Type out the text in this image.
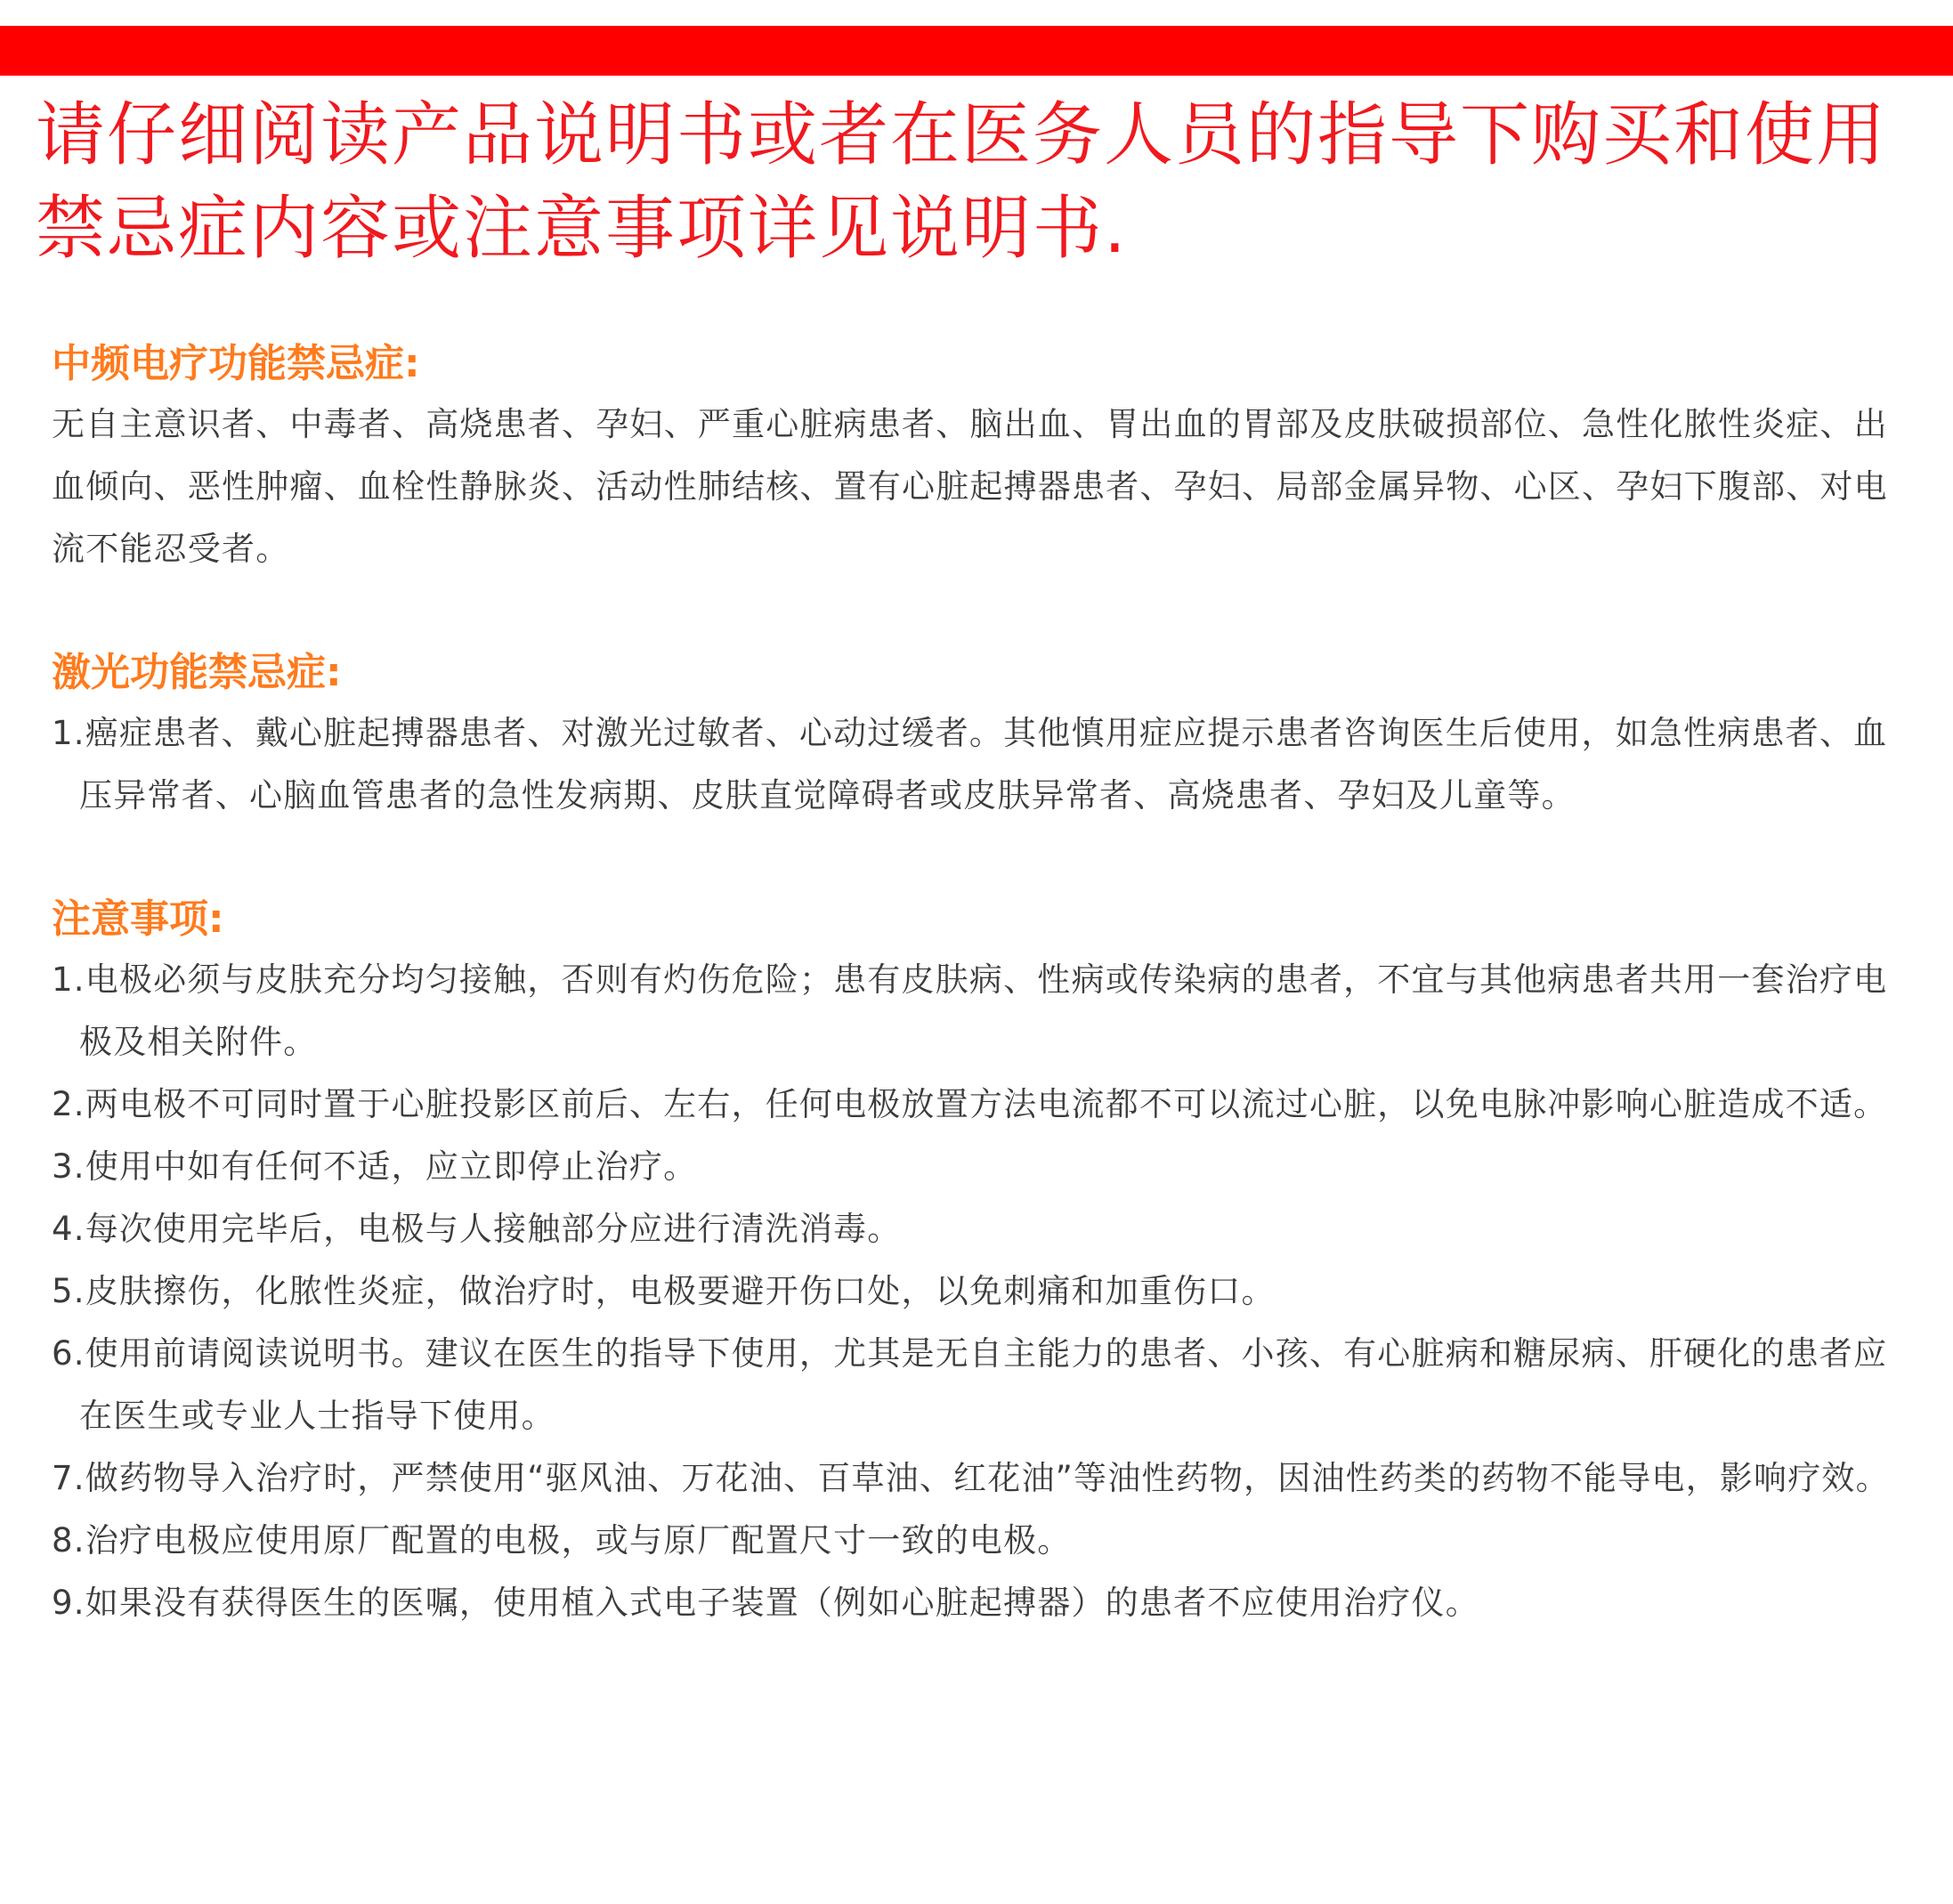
请仔细阅读产品说明书或者在医务人员的指导下购买和使用
禁忌症内容或注意事项详见说明书.
中频电疗功能禁忌症:
无自主意识者、中毒者、高烧患者、孕妇、严重心脏病患者、脑出血、胃出血的胃部及皮肤破损部位、急性化脓性炎症、出血倾向、恶性肿瘤、血栓性静脉炎、活动性肺结核、置有心脏起搏器患者、孕妇、局部金属异物、心区、孕妇下腹部、对电流不能忍受者。
激光功能禁忌症:
1.癌症患者、戴心脏起搏器患者、对激光过敏者、心动过缓者。其他慎用症应提示患者咨询医生后使用，如急性病患者、血压异常者、心脑血管患者的急性发病期、皮肤直觉障碍者或皮肤异常者、高烧患者、孕妇及儿童等。
注意事项:
1.电极必须与皮肤充分均匀接触，否则有灼伤危险；患有皮肤病、性病或传染病的患者，不宜与其他病患者共用一套治疗电极及相关附件。
2.两电极不可同时置于心脏投影区前后、左右，任何电极放置方法电流都不可以流过心脏，以免电脉冲影响心脏造成不适。
3.使用中如有任何不适，应立即停止治疗。
4.每次使用完毕后，电极与人接触部分应进行清洗消毒。
5.皮肤擦伤，化脓性炎症，做治疗时，电极要避开伤口处，以免刺痛和加重伤口。
6.使用前请阅读说明书。建议在医生的指导下使用，尤其是无自主能力的患者、小孩、有心脏病和糖尿病、肝硬化的患者应在医生或专业人士指导下使用。
7.做药物导入治疗时，严禁使用“驱风油、万花油、百草油、红花油”等油性药物，因油性药类的药物不能导电，影响疗效。
8.治疗电极应使用原厂配置的电极，或与原厂配置尺寸一致的电极。
9.如果没有获得医生的医嘱，使用植入式电子装置（例如心脏起搏器）的患者不应使用治疗仪。
